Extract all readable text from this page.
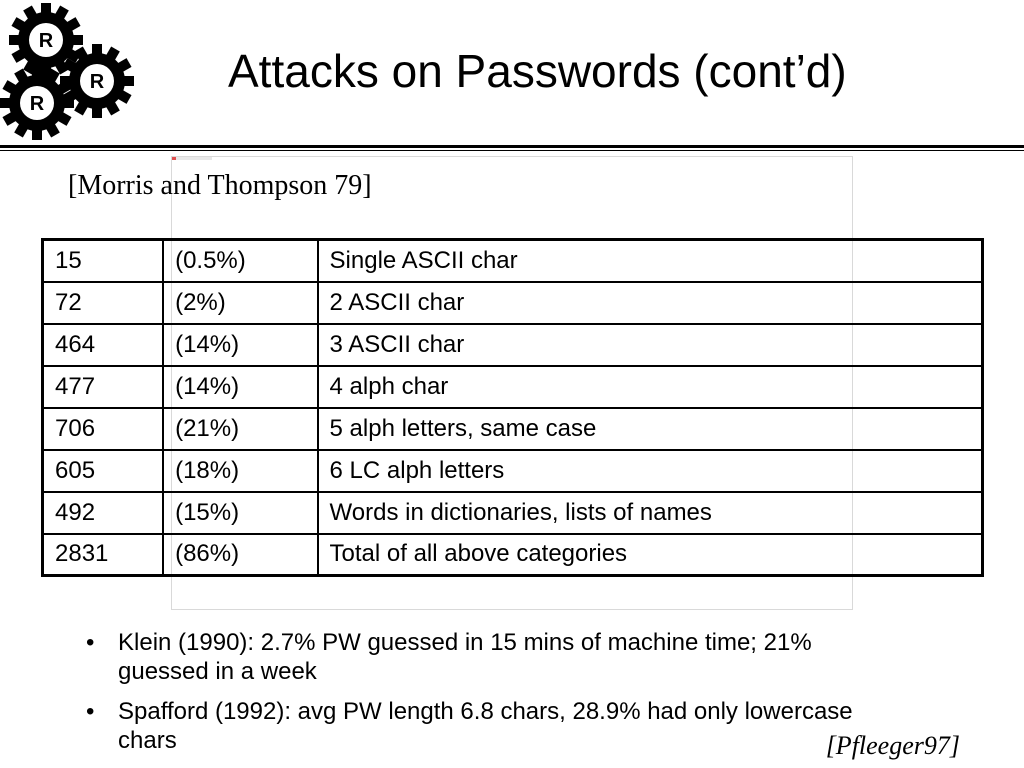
R
R
R
Attacks on Passwords (cont’d)
[Morris and Thompson 79]
15	(0.5%)	Single ASCII char
72	(2%)	2 ASCII char
464	(14%)	3 ASCII char
477	(14%)	4 alph char
706	(21%)	5 alph letters, same case
605	(18%)	6 LC alph letters
492	(15%)	Words in dictionaries, lists of names
2831	(86%)	Total of all above categories
• Klein (1990): 2.7% PW guessed in 15 mins of machine time; 21% guessed in a week
• Spafford (1992): avg PW length 6.8 chars, 28.9% had only lowercase chars	[Pfleeger97]
